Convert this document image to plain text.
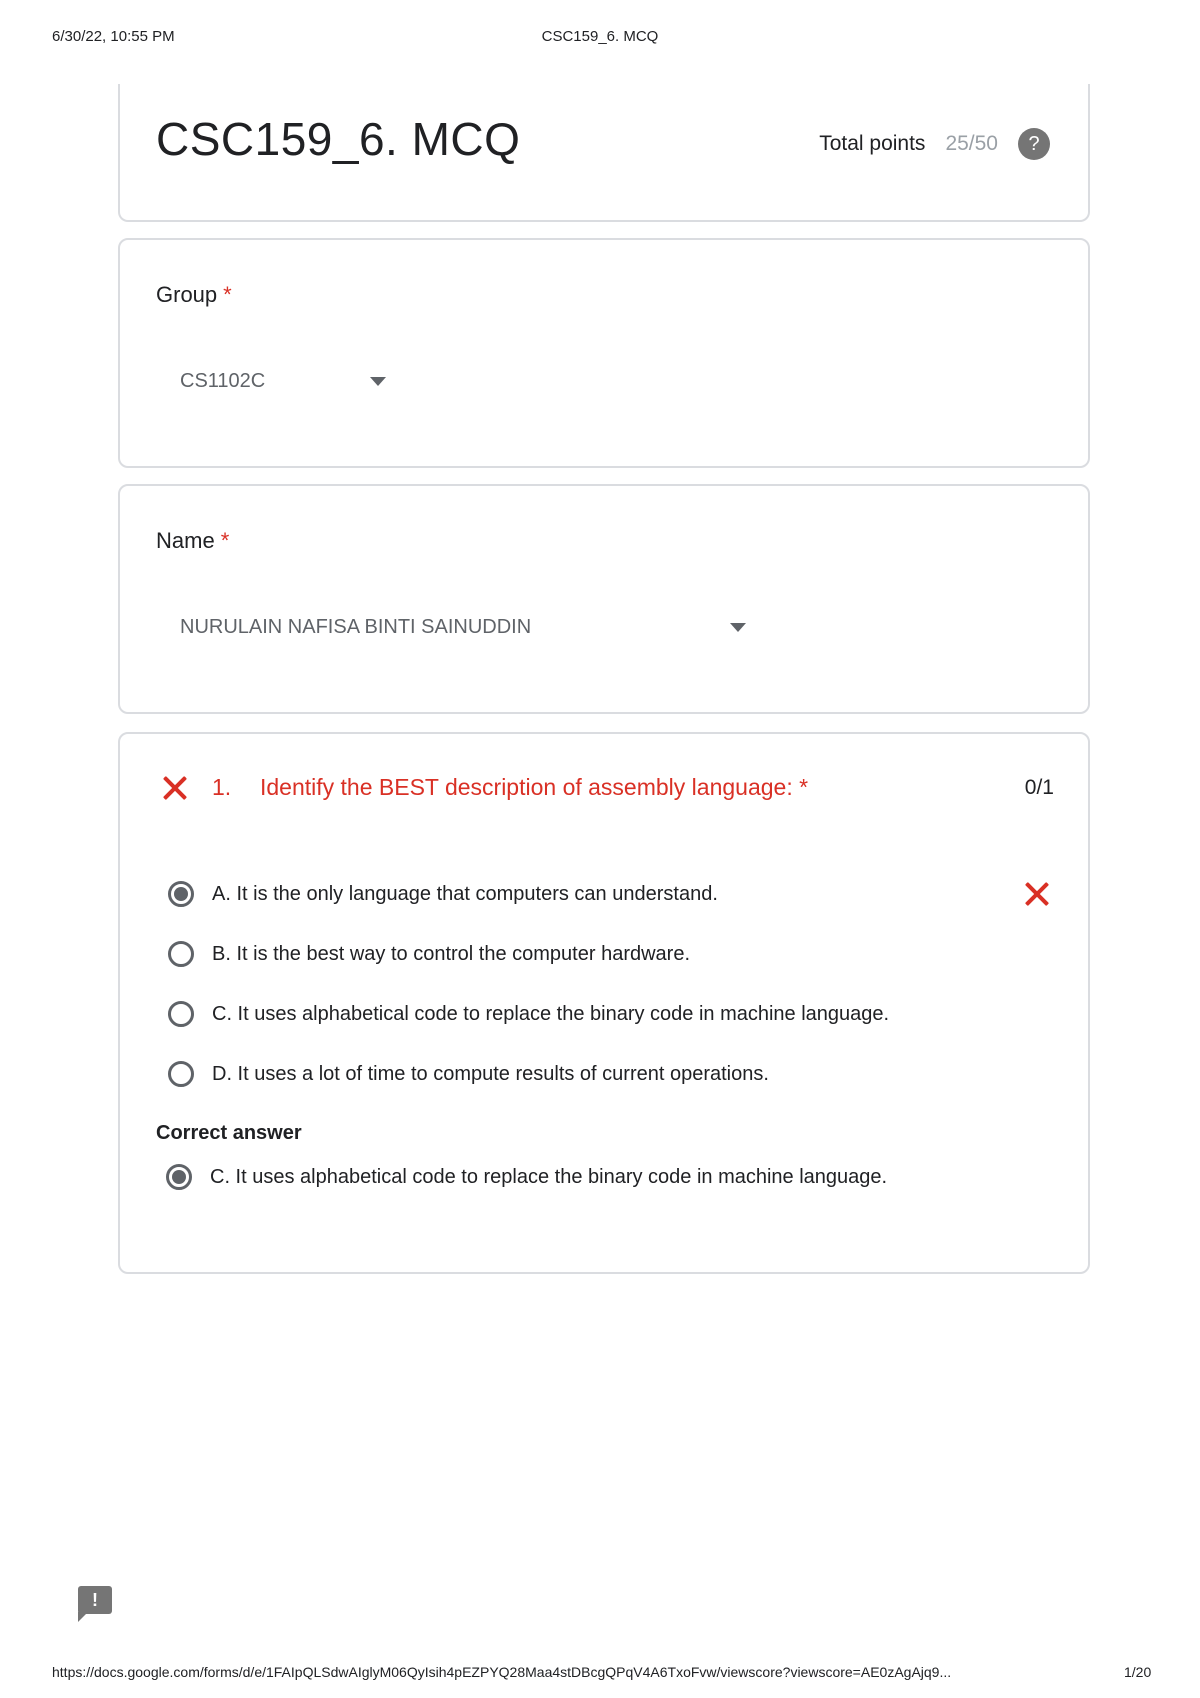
6/30/22, 10:55 PM	CSC159_6. MCQ
CSC159_6. MCQ	Total points 25/50	?
Group *
CS1102C
Name *
NURULAIN NAFISA BINTI SAINUDDIN
1.	Identify the BEST description of assembly language: *	0/1
A. It is the only language that computers can understand.
B. It is the best way to control the computer hardware.
C. It uses alphabetical code to replace the binary code in machine language.
D. It uses a lot of time to compute results of current operations.
Correct answer
C. It uses alphabetical code to replace the binary code in machine language.
!
https://docs.google.com/forms/d/e/1FAIpQLSdwAIglyM06QyIsih4pEZPYQ28Maa4stDBcgQPqV4A6TxoFvw/viewscore?viewscore=AE0zAgAjq9...	1/20
